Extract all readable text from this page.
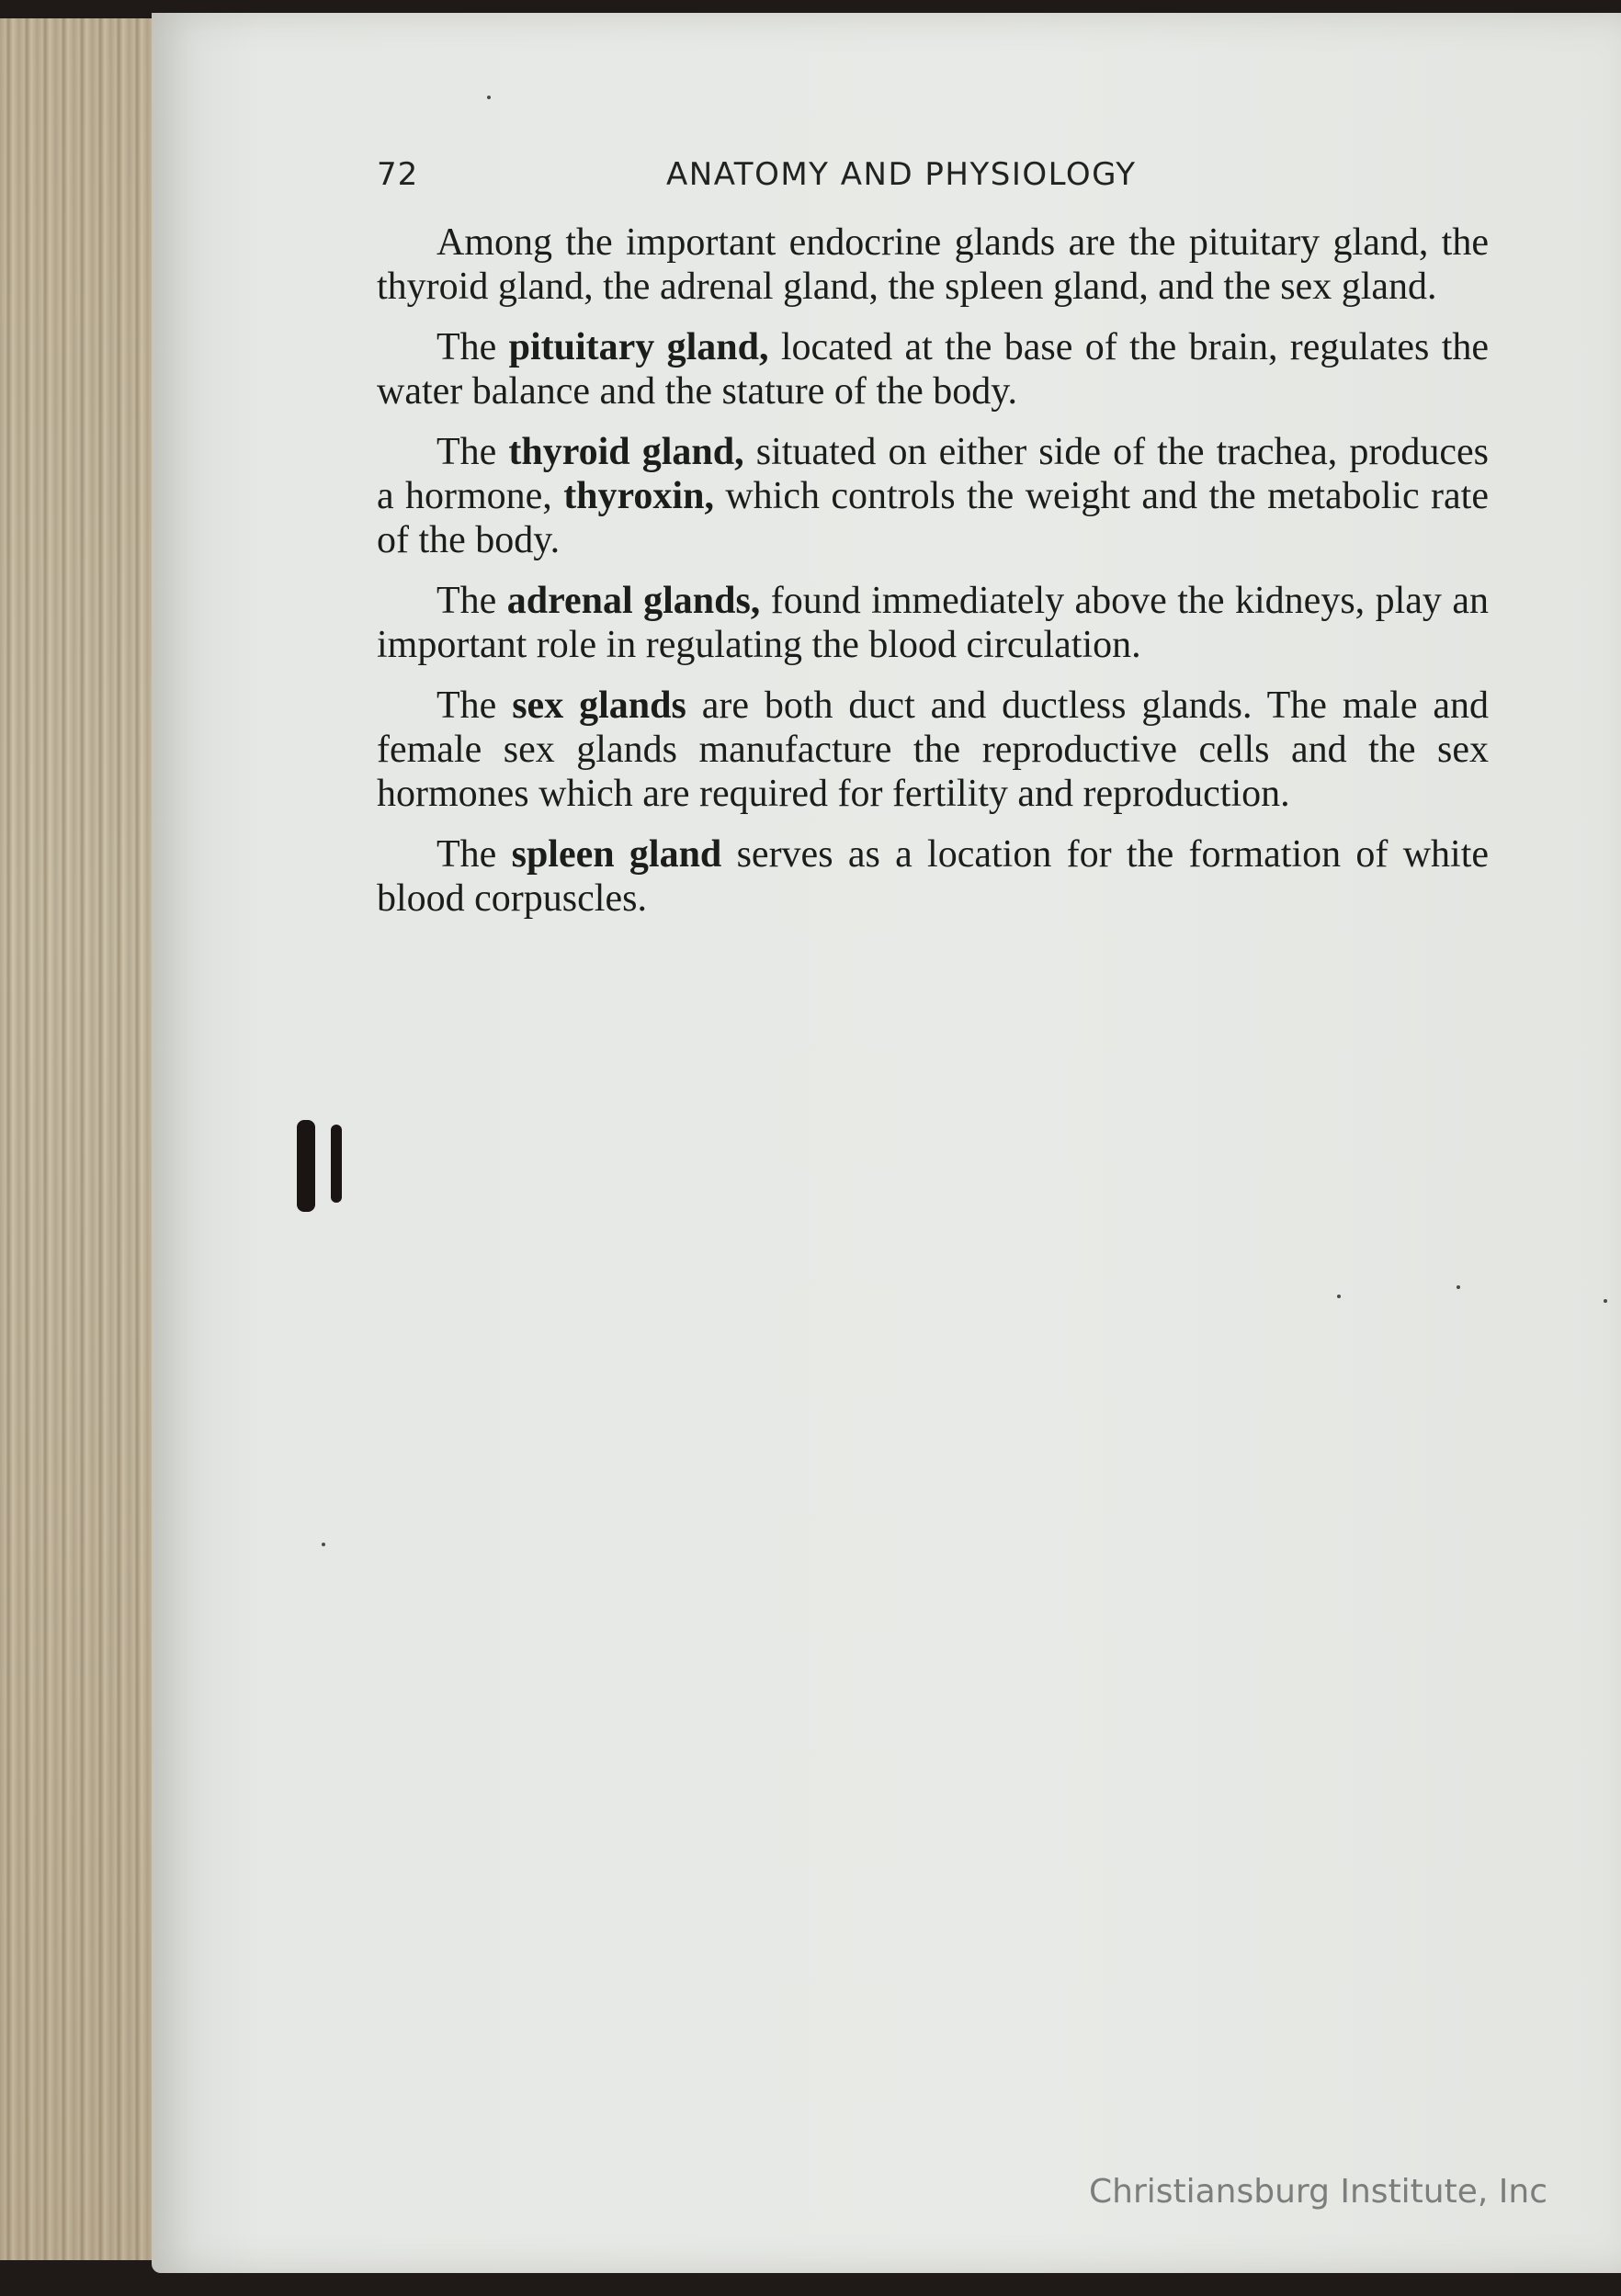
72	ANATOMY AND PHYSIOLOGY

Among the important endocrine glands are the pituitary gland, the thyroid gland, the adrenal gland, the spleen gland, and the sex gland.

The pituitary gland, located at the base of the brain, regulates the water balance and the stature of the body.

The thyroid gland, situated on either side of the trachea, produces a hormone, thyroxin, which controls the weight and the metabolic rate of the body.

The adrenal glands, found immediately above the kidneys, play an important role in regulating the blood circulation.

The sex glands are both duct and ductless glands. The male and female sex glands manufacture the reproductive cells and the sex hormones which are required for fertility and reproduction.

The spleen gland serves as a location for the formation of white blood corpuscles.

Christiansburg Institute, Inc
